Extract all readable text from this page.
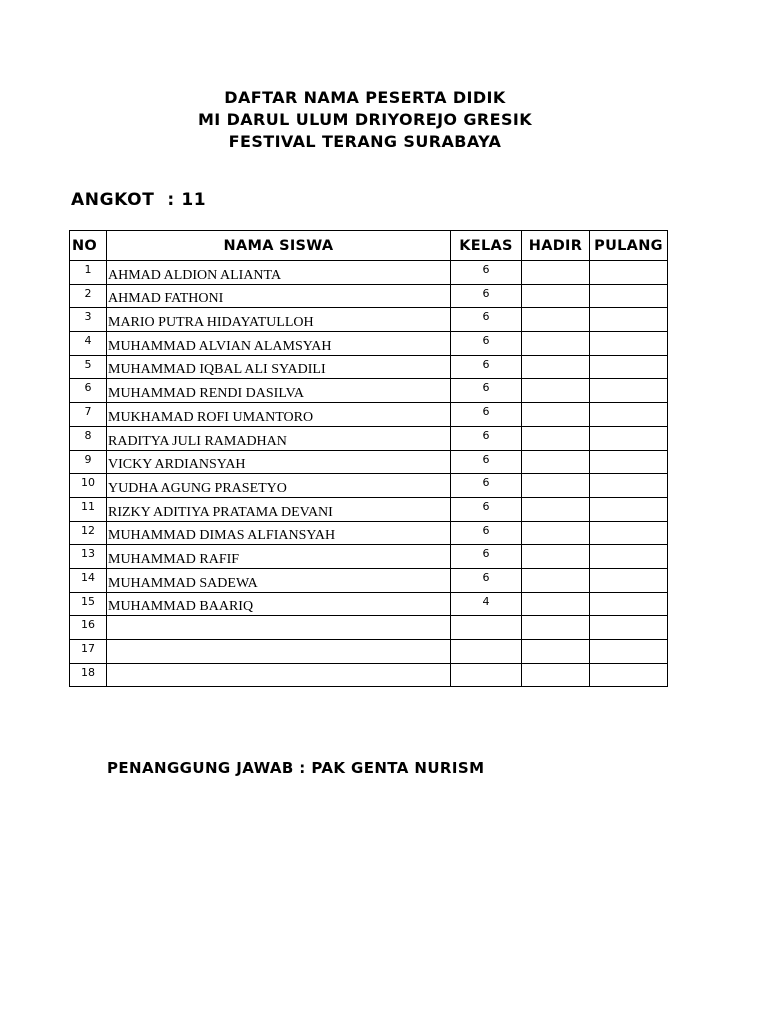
DAFTAR NAMA PESERTA DIDIK
MI DARUL ULUM DRIYOREJO GRESIK
FESTIVAL TERANG SURABAYA
ANGKOT  : 11
NO	NAMA SISWA	KELAS	HADIR	PULANG
1	AHMAD ALDION ALIANTA	6		
2	AHMAD FATHONI	6		
3	MARIO PUTRA HIDAYATULLOH	6		
4	MUHAMMAD ALVIAN ALAMSYAH	6		
5	MUHAMMAD IQBAL ALI SYADILI	6		
6	MUHAMMAD RENDI DASILVA	6		
7	MUKHAMAD ROFI UMANTORO	6		
8	RADITYA JULI RAMADHAN	6		
9	VICKY ARDIANSYAH	6		
10	YUDHA AGUNG PRASETYO	6		
11	RIZKY ADITIYA PRATAMA DEVANI	6		
12	MUHAMMAD DIMAS ALFIANSYAH	6		
13	MUHAMMAD RAFIF	6		
14	MUHAMMAD SADEWA	6		
15	MUHAMMAD BAARIQ	4		
16				
17				
18				
PENANGGUNG JAWAB : PAK GENTA NURISM
